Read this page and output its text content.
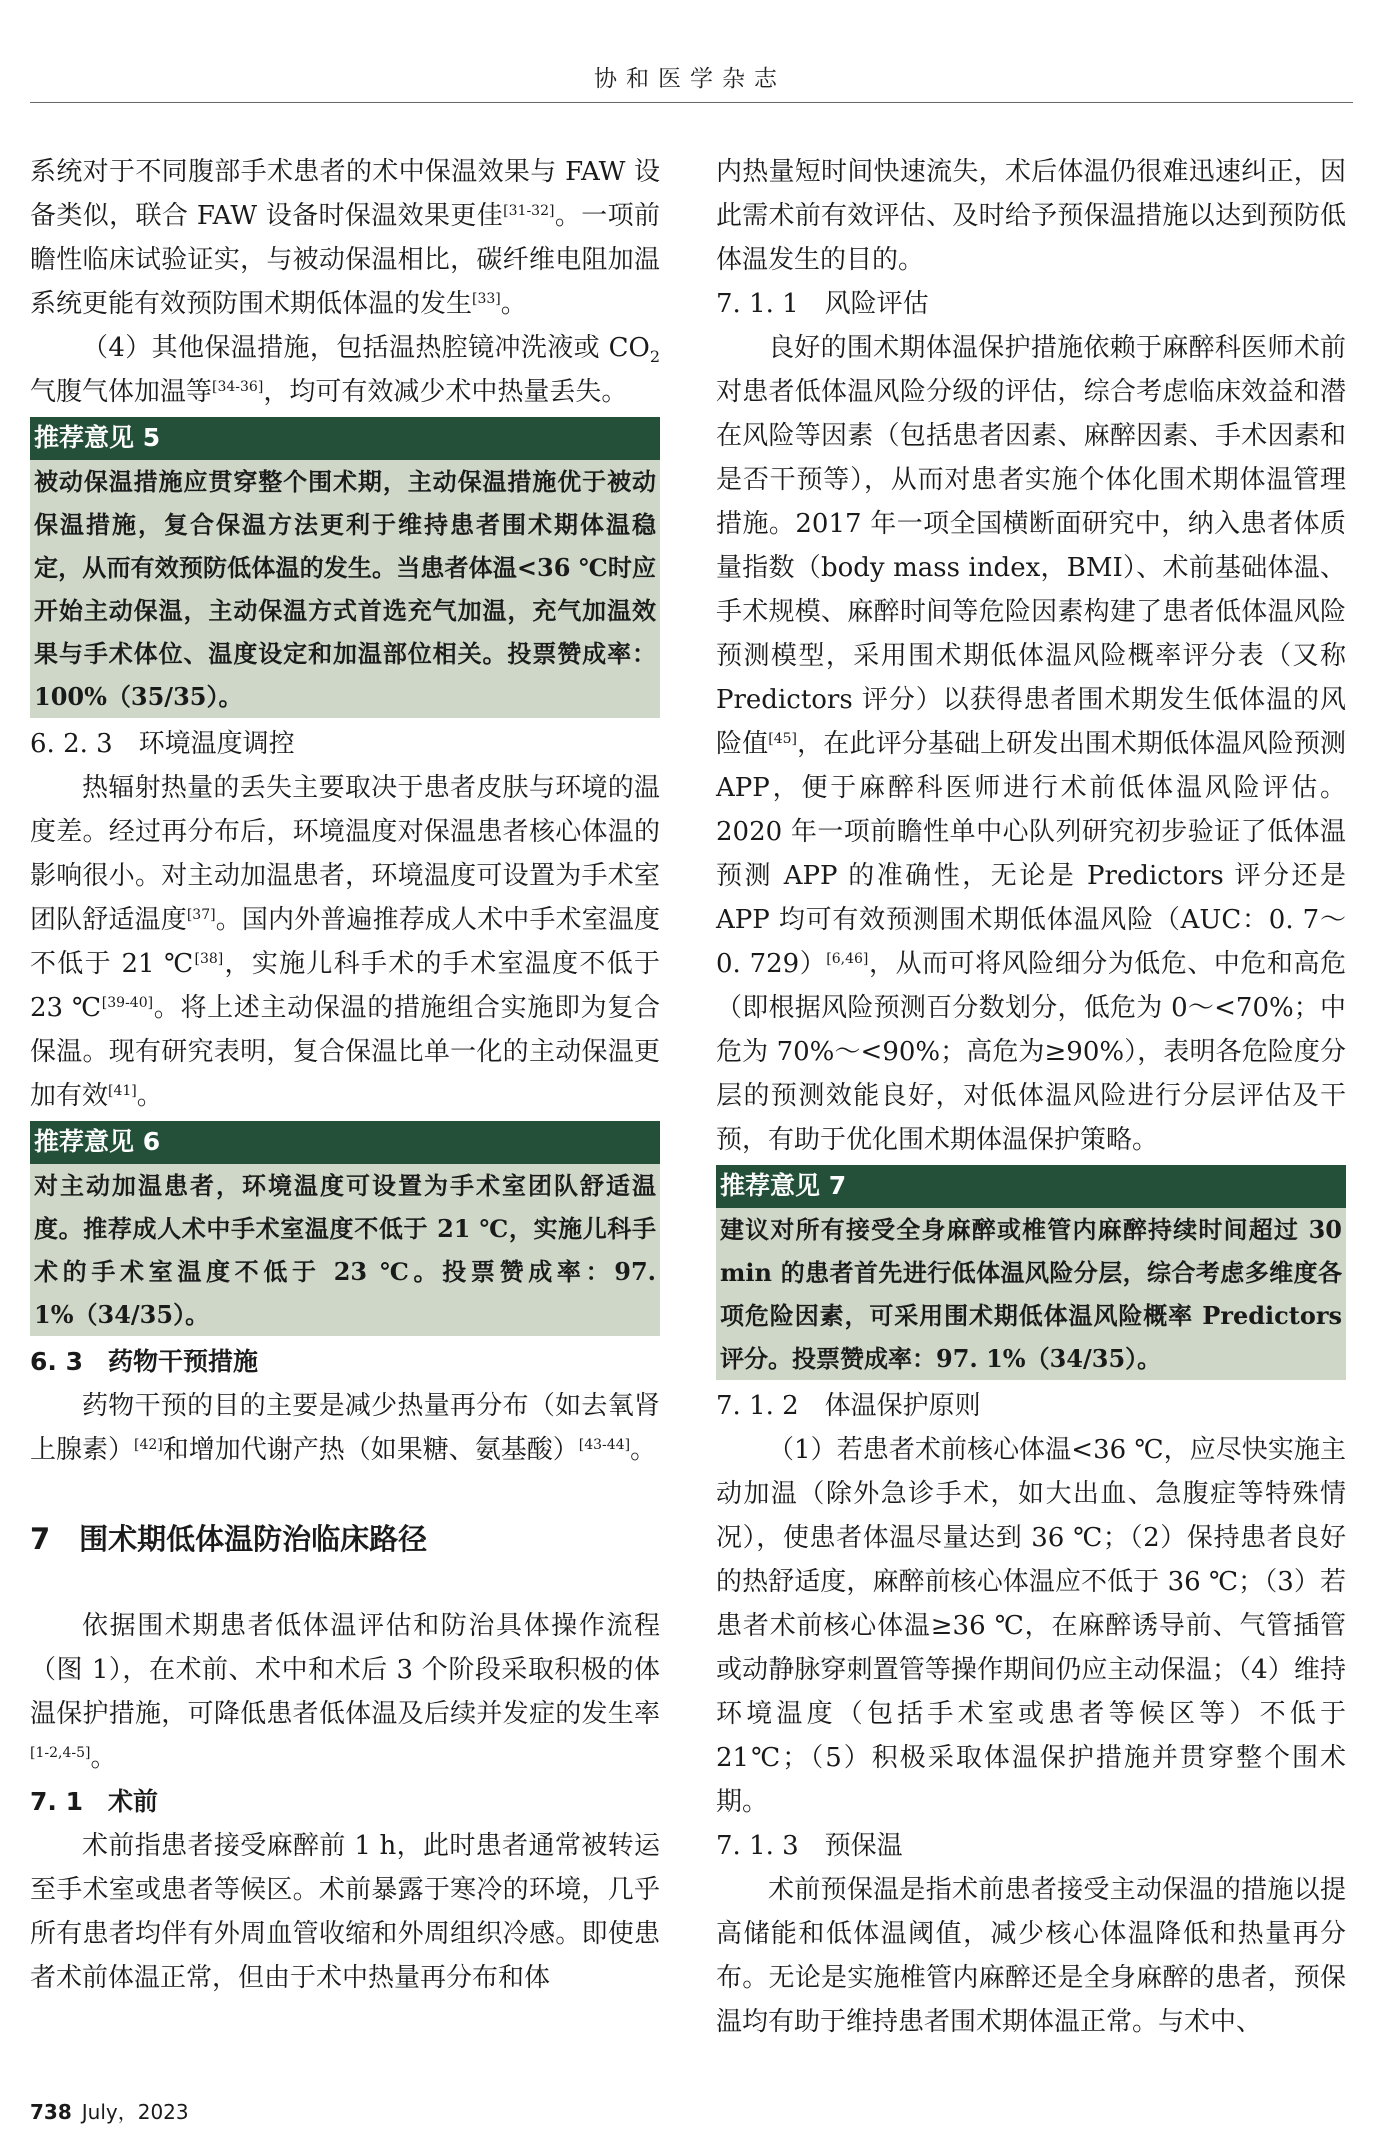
协和医学杂志

系统对于不同腹部手术患者的术中保温效果与 FAW 设备类似，联合 FAW 设备时保温效果更佳[31-32]。一项前瞻性临床试验证实，与被动保温相比，碳纤维电阻加温系统更能有效预防围术期低体温的发生[33]。

（4）其他保温措施，包括温热腔镜冲洗液或 $CO_2$ 气腹气体加温等[34-36]，均可有效减少术中热量丢失。

推荐意见 5
被动保温措施应贯穿整个围术期，主动保温措施优于被动保温措施，复合保温方法更利于维持患者围术期体温稳定，从而有效预防低体温的发生。当患者体温<36 ℃时应开始主动保温，主动保温方式首选充气加温，充气加温效果与手术体位、温度设定和加温部位相关。投票赞成率：100%（35/35）。

6. 2. 3　环境温度调控

热辐射热量的丢失主要取决于患者皮肤与环境的温度差。经过再分布后，环境温度对保温患者核心体温的影响很小。对主动加温患者，环境温度可设置为手术室团队舒适温度[37]。国内外普遍推荐成人术中手术室温度不低于 21 ℃[38]，实施儿科手术的手术室温度不低于 23 ℃[39-40]。将上述主动保温的措施组合实施即为复合保温。现有研究表明，复合保温比单一化的主动保温更加有效[41]。

推荐意见 6
对主动加温患者，环境温度可设置为手术室团队舒适温度。推荐成人术中手术室温度不低于 21 ℃，实施儿科手术的手术室温度不低于 23 ℃。投票赞成率：97. 1%（34/35）。

6. 3　药物干预措施

药物干预的目的主要是减少热量再分布（如去氧肾上腺素）[42]和增加代谢产热（如果糖、氨基酸）[43-44]。

7　围术期低体温防治临床路径

依据围术期患者低体温评估和防治具体操作流程（图 1），在术前、术中和术后 3 个阶段采取积极的体温保护措施，可降低患者低体温及后续并发症的发生率[1-2,4-5]。

7. 1　术前

术前指患者接受麻醉前 1 h，此时患者通常被转运至手术室或患者等候区。术前暴露于寒冷的环境，几乎所有患者均伴有外周血管收缩和外周组织冷感。即使患者术前体温正常，但由于术中热量再分布和体

内热量短时间快速流失，术后体温仍很难迅速纠正，因此需术前有效评估、及时给予预保温措施以达到预防低体温发生的目的。

7. 1. 1　风险评估

良好的围术期体温保护措施依赖于麻醉科医师术前对患者低体温风险分级的评估，综合考虑临床效益和潜在风险等因素（包括患者因素、麻醉因素、手术因素和是否干预等），从而对患者实施个体化围术期体温管理措施。2017 年一项全国横断面研究中，纳入患者体质量指数（body mass index，BMI）、术前基础体温、手术规模、麻醉时间等危险因素构建了患者低体温风险预测模型，采用围术期低体温风险概率评分表（又称 Predictors 评分）以获得患者围术期发生低体温的风险值[45]，在此评分基础上研发出围术期低体温风险预测 APP，便于麻醉科医师进行术前低体温风险评估。2020 年一项前瞻性单中心队列研究初步验证了低体温预测 APP 的准确性，无论是 Predictors 评分还是 APP 均可有效预测围术期低体温风险（AUC：0. 7～0. 729）[6,46]，从而可将风险细分为低危、中危和高危（即根据风险预测百分数划分，低危为 0～<70%；中危为 70%～<90%；高危为≥90%），表明各危险度分层的预测效能良好，对低体温风险进行分层评估及干预，有助于优化围术期体温保护策略。

推荐意见 7
建议对所有接受全身麻醉或椎管内麻醉持续时间超过 30 min 的患者首先进行低体温风险分层，综合考虑多维度各项危险因素，可采用围术期低体温风险概率 Predictors 评分。投票赞成率：97. 1%（34/35）。

7. 1. 2　体温保护原则

（1）若患者术前核心体温<36 ℃，应尽快实施主动加温（除外急诊手术，如大出血、急腹症等特殊情况），使患者体温尽量达到 36 ℃；（2）保持患者良好的热舒适度，麻醉前核心体温应不低于 36 ℃；（3）若患者术前核心体温≥36 ℃，在麻醉诱导前、气管插管或动静脉穿刺置管等操作期间仍应主动保温；（4）维持环境温度（包括手术室或患者等候区等）不低于 21℃；（5）积极采取体温保护措施并贯穿整个围术期。

7. 1. 3　预保温

术前预保温是指术前患者接受主动保温的措施以提高储能和低体温阈值，减少核心体温降低和热量再分布。无论是实施椎管内麻醉还是全身麻醉的患者，预保温均有助于维持患者围术期体温正常。与术中、

738 July，2023
